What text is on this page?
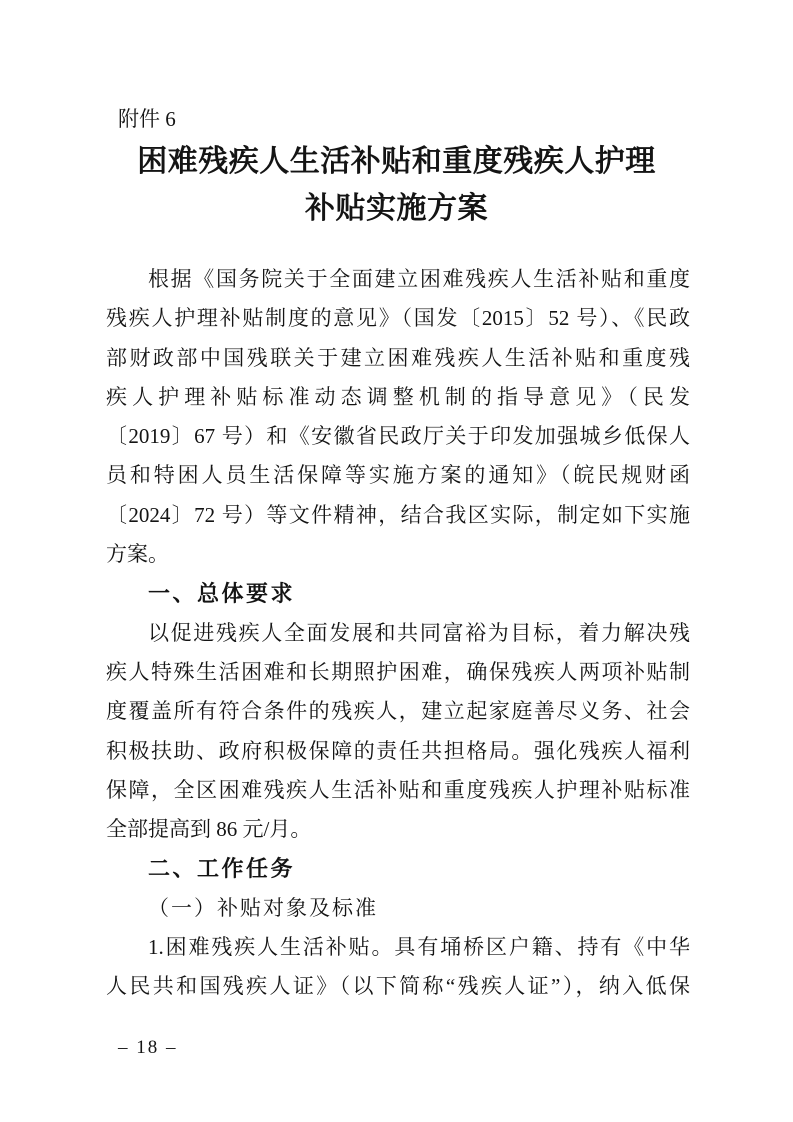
附件 6
困难残疾人生活补贴和重度残疾人护理
补贴实施方案
根据《国务院关于全面建立困难残疾人生活补贴和重度
残疾人护理补贴制度的意见》（国发〔2015〕52 号）、《民政
部财政部中国残联关于建立困难残疾人生活补贴和重度残
疾人护理补贴标准动态调整机制的指导意见》（民发
〔2019〕67 号）和《安徽省民政厅关于印发加强城乡低保人
员和特困人员生活保障等实施方案的通知》（皖民规财函
〔2024〕72 号）等文件精神，结合我区实际，制定如下实施
方案。
一、总体要求
以促进残疾人全面发展和共同富裕为目标，着力解决残
疾人特殊生活困难和长期照护困难，确保残疾人两项补贴制
度覆盖所有符合条件的残疾人，建立起家庭善尽义务、社会
积极扶助、政府积极保障的责任共担格局。强化残疾人福利
保障，全区困难残疾人生活补贴和重度残疾人护理补贴标准
全部提高到 86 元/月。
二、工作任务
（一）补贴对象及标准
1.困难残疾人生活补贴。具有埇桥区户籍、持有《中华
人民共和国残疾人证》（以下简称“残疾人证”），纳入低保
– 18 –
